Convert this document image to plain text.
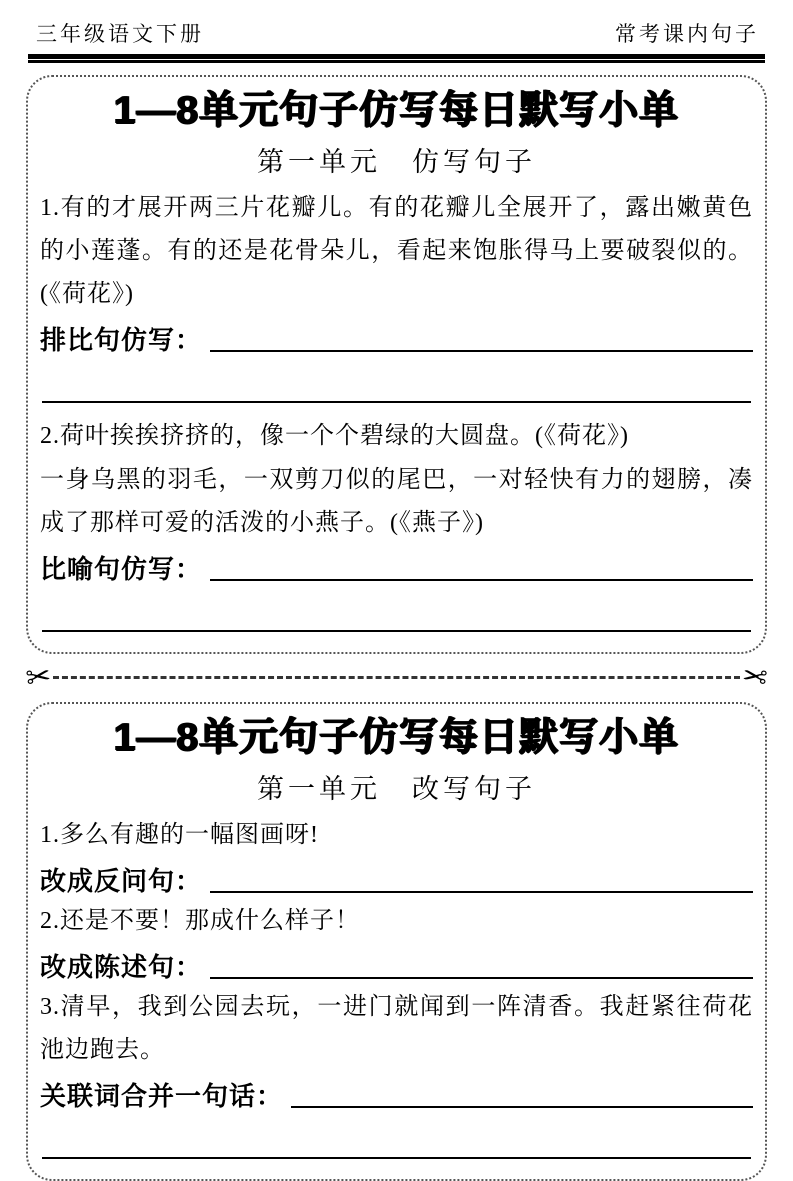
三年级语文下册	常考课内句子
1—8单元句子仿写每日默写小单
第一单元　仿写句子

1.有的才展开两三片花瓣儿。有的花瓣儿全展开了，露出嫩黄色的小莲蓬。有的还是花骨朵儿，看起来饱胀得马上要破裂似的。(《荷花》)

排比句仿写：

2.荷叶挨挨挤挤的，像一个个碧绿的大圆盘。(《荷花》)

一身乌黑的羽毛，一双剪刀似的尾巴，一对轻快有力的翅膀，凑成了那样可爱的活泼的小燕子。(《燕子》)

比喻句仿写：
✂	✂
1—8单元句子仿写每日默写小单
第一单元　改写句子

1.多么有趣的一幅图画呀!

改成反问句：

2.还是不要！那成什么样子！

改成陈述句：

3.清早，我到公园去玩，一进门就闻到一阵清香。我赶紧往荷花池边跑去。

关联词合并一句话：
